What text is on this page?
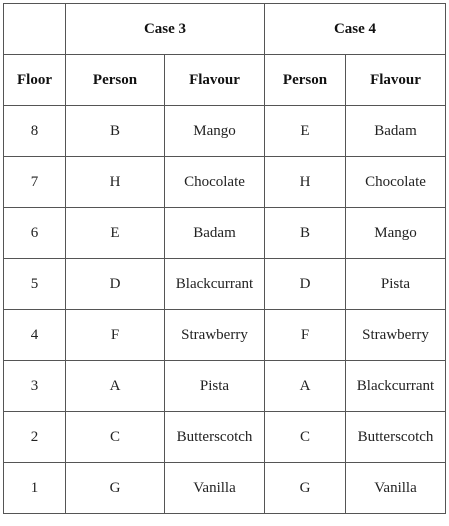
	Case 3		Case 4	
Floor	Person	Flavour	Person	Flavour
8	B	Mango	E	Badam
7	H	Chocolate	H	Chocolate
6	E	Badam	B	Mango
5	D	Blackcurrant	D	Pista
4	F	Strawberry	F	Strawberry
3	A	Pista	A	Blackcurrant
2	C	Butterscotch	C	Butterscotch
1	G	Vanilla	G	Vanilla
